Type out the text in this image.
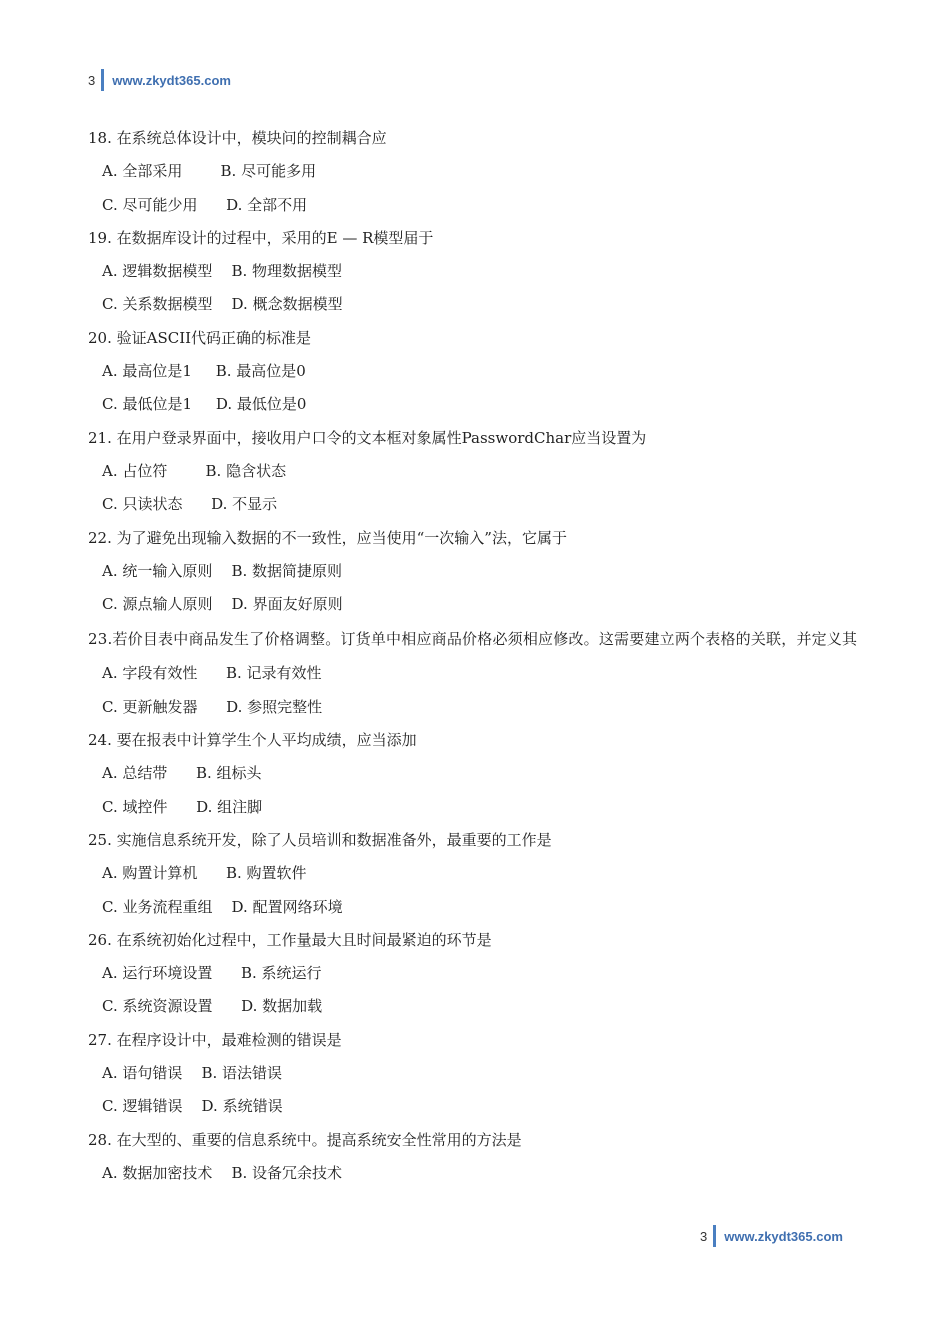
3 www.zkydt365.com
18. 在系统总体设计中，模块问的控制耦合应
A. 全部采用        B. 尽可能多用
C. 尽可能少用      D. 全部不用
19. 在数据库设计的过程中，采用的E — R模型届于
A. 逻辑数据模型    B. 物理数据模型
C. 关系数据模型    D. 概念数据模型
20. 验证ASCII代码正确的标准是
A. 最高位是1     B. 最高位是0
C. 最低位是1     D. 最低位是0
21. 在用户登录界面中，接收用户口令的文本框对象属性PasswordChar应当设置为
A. 占位符        B. 隐含状态
C. 只读状态      D. 不显示
22. 为了避免出现输入数据的不一致性，应当使用“一次输入”法，它属于
A. 统一输入原则    B. 数据简捷原则
C. 源点输人原则    D. 界面友好原则
23.若价目表中商品发生了价格调整。订货单中相应商品价格必须相应修改。这需要建立两个表格的关联，并定义其
A. 字段有效性      B. 记录有效性
C. 更新触发器      D. 参照完整性
24. 要在报表中计算学生个人平均成绩，应当添加
A. 总结带      B. 组标头
C. 域控件      D. 组注脚
25. 实施信息系统开发，除了人员培训和数据准备外，最重要的工作是
A. 购置计算机      B. 购置软件
C. 业务流程重组    D. 配置网络环境
26. 在系统初始化过程中，工作量最大且时间最紧迫的环节是
A. 运行环境设置      B. 系统运行
C. 系统资源设置      D. 数据加载
27. 在程序设计中，最难检测的错误是
A. 语句错误    B. 语法错误
C. 逻辑错误    D. 系统错误
28. 在大型的、重要的信息系统中。提高系统安全性常用的方法是
A. 数据加密技术    B. 设备冗余技术
3 www.zkydt365.com
